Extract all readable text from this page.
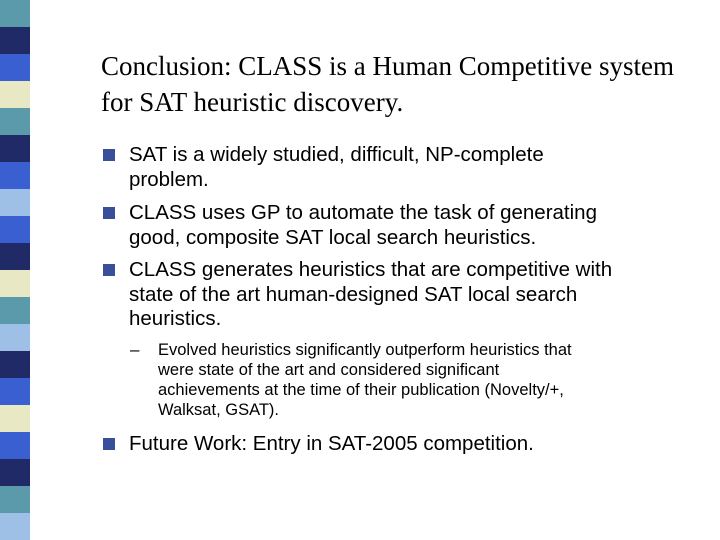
Conclusion: CLASS is a Human Competitive system
for SAT heuristic discovery.
SAT is a widely studied, difficult, NP-complete
problem.
CLASS uses GP to automate the task of generating
good, composite SAT local search heuristics.
CLASS generates heuristics that are competitive with
state of the art human-designed SAT local search
heuristics.
– Evolved heuristics significantly outperform heuristics that
were state of the art and considered significant
achievements at the time of their publication (Novelty/+,
Walksat, GSAT).
Future Work: Entry in SAT-2005 competition.
